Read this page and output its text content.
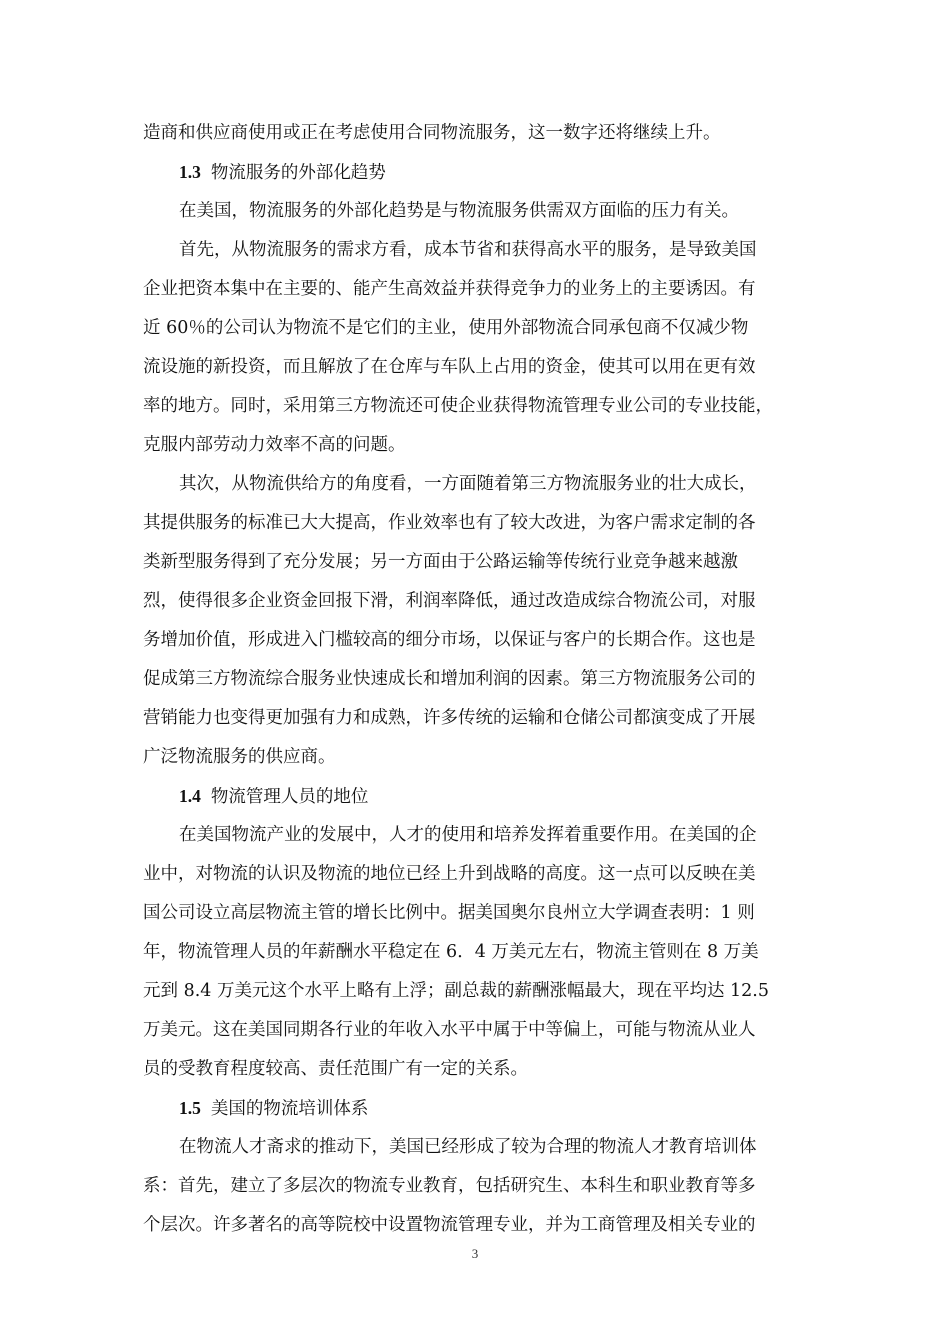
造商和供应商使用或正在考虑使用合同物流服务，这一数字还将继续上升。
1.3 物流服务的外部化趋势
在美国，物流服务的外部化趋势是与物流服务供需双方面临的压力有关。
首先，从物流服务的需求方看，成本节省和获得高水平的服务，是导致美国
企业把资本集中在主要的、能产生高效益并获得竞争力的业务上的主要诱因。有
近 60％的公司认为物流不是它们的主业，使用外部物流合同承包商不仅减少物
流设施的新投资，而且解放了在仓库与车队上占用的资金，使其可以用在更有效
率的地方。同时，采用第三方物流还可使企业获得物流管理专业公司的专业技能，
克服内部劳动力效率不高的问题。
其次，从物流供给方的角度看，一方面随着第三方物流服务业的壮大成长，
其提供服务的标准已大大提高，作业效率也有了较大改进，为客户需求定制的各
类新型服务得到了充分发展；另一方面由于公路运输等传统行业竞争越来越激
烈，使得很多企业资金回报下滑，利润率降低，通过改造成综合物流公司，对服
务增加价值，形成进入门槛较高的细分市场，以保证与客户的长期合作。这也是
促成第三方物流综合服务业快速成长和增加利润的因素。第三方物流服务公司的
营销能力也变得更加强有力和成熟，许多传统的运输和仓储公司都演变成了开展
广泛物流服务的供应商。
1.4 物流管理人员的地位
在美国物流产业的发展中，人才的使用和培养发挥着重要作用。在美国的企
业中，对物流的认识及物流的地位已经上升到战略的高度。这一点可以反映在美
国公司设立高层物流主管的增长比例中。据美国奥尔良州立大学调查表明：1 则
年，物流管理人员的年薪酬水平稳定在 6．4 万美元左右，物流主管则在 8 万美
元到 8.4 万美元这个水平上略有上浮；副总裁的薪酬涨幅最大，现在平均达 12.5
万美元。这在美国同期各行业的年收入水平中属于中等偏上，可能与物流从业人
员的受教育程度较高、责任范围广有一定的关系。
1.5 美国的物流培训体系
在物流人才斋求的推动下，美国已经形成了较为合理的物流人才教育培训体
系：首先，建立了多层次的物流专业教育，包括研究生、本科生和职业教育等多
个层次。许多著名的高等院校中设置物流管理专业，并为工商管理及相关专业的
3
